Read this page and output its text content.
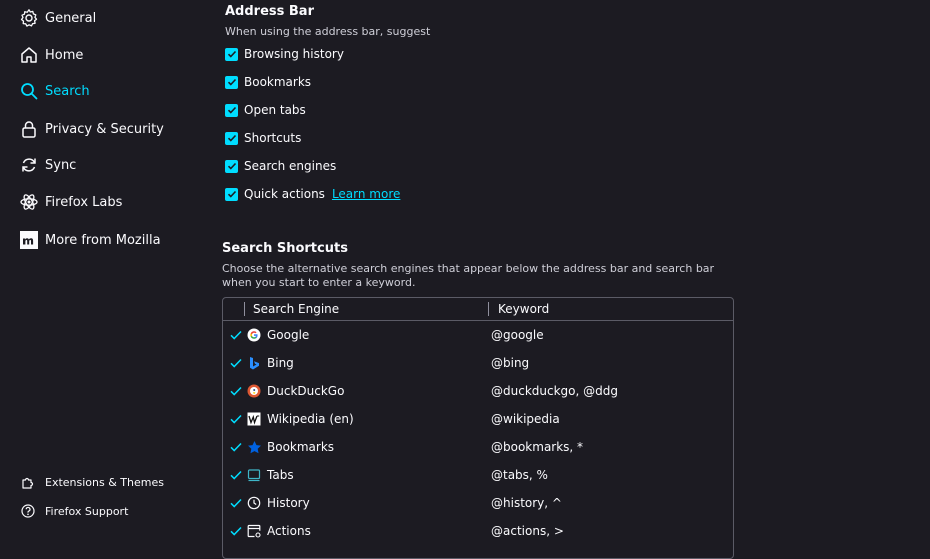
General
Home
Search
Privacy & Security
Sync
Firefox Labs
More from Mozilla
Extensions & Themes
Firefox Support
Address Bar
When using the address bar, suggest
Browsing history
Bookmarks
Open tabs
Shortcuts
Search engines
Quick actions Learn more
Search Shortcuts
Choose the alternative search engines that appear below the address bar and search bar when you start to enter a keyword.
Search Engine	Keyword
Google	@google
Bing	@bing
DuckDuckGo	@duckduckgo, @ddg
Wikipedia (en)	@wikipedia
Bookmarks	@bookmarks, *
Tabs	@tabs, %
History	@history, ^
Actions	@actions, >
